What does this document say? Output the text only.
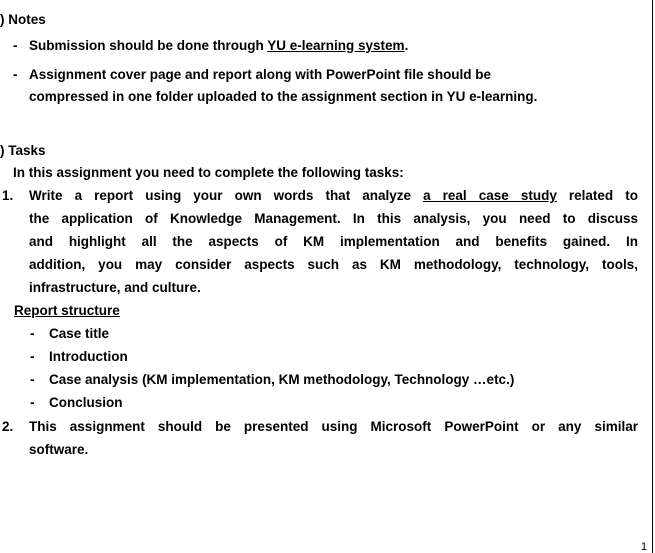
) Notes
- Submission should be done through YU e-learning system.
- Assignment cover page and report along with PowerPoint file should be
compressed in one folder uploaded to the assignment section in YU e-learning.
) Tasks
In this assignment you need to complete the following tasks:
1. Write a report using your own words that analyze a real case study related to
the application of Knowledge Management. In this analysis, you need to discuss
and highlight all the aspects of KM implementation and benefits gained. In
addition, you may consider aspects such as KM methodology, technology, tools,
infrastructure, and culture.
Report structure
- Case title
- Introduction
- Case analysis (KM implementation, KM methodology, Technology …etc.)
- Conclusion
2. This assignment should be presented using Microsoft PowerPoint or any similar
software.
1
